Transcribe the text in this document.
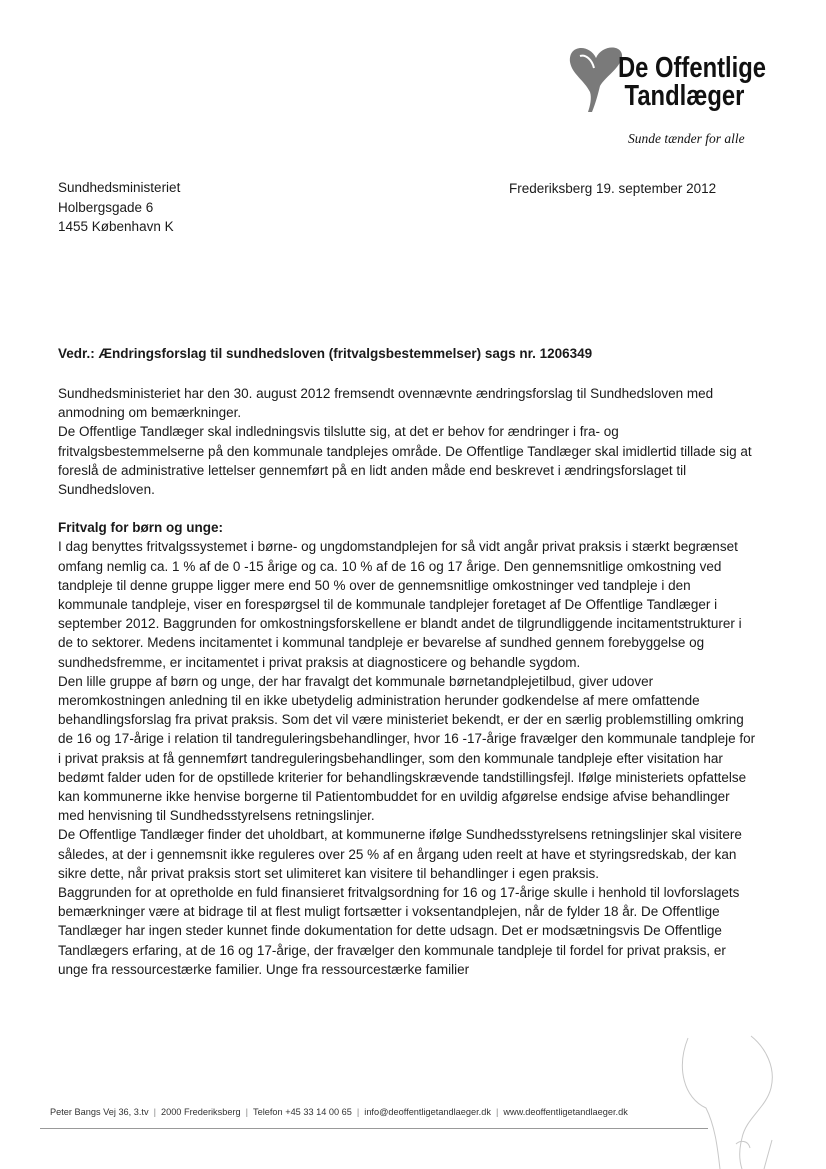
De Offentlige
Tandlæger
Sunde tænder for alle
Sundhedsministeriet
Holbergsgade 6
1455 København K
Frederiksberg 19. september 2012
Vedr.: Ændringsforslag til sundhedsloven (fritvalgsbestemmelser) sags nr. 1206349

Sundhedsministeriet har den 30. august 2012 fremsendt ovennævnte ændringsforslag til Sundhedsloven med anmodning om bemærkninger.

De Offentlige Tandlæger skal indledningsvis tilslutte sig, at det er behov for ændringer i fra- og fritvalgsbestemmelserne på den kommunale tandplejes område. De Offentlige Tandlæger skal imidlertid tillade sig at foreslå de administrative lettelser gennemført på en lidt anden måde end beskrevet i ændringsforslaget til Sundhedsloven.

Fritvalg for børn og unge:

I dag benyttes fritvalgssystemet i børne- og ungdomstandplejen for så vidt angår privat praksis i stærkt begrænset omfang nemlig ca. 1 % af de 0 -15 årige og ca. 10 % af de 16 og 17 årige. Den gennemsnitlige omkostning ved tandpleje til denne gruppe ligger mere end 50 % over de gennemsnitlige omkostninger ved tandpleje i den kommunale tandpleje, viser en forespørgsel til de kommunale tandplejer foretaget af De Offentlige Tandlæger i september 2012. Baggrunden for omkostningsforskellene er blandt andet de tilgrundliggende incitamentstrukturer i de to sektorer. Medens incitamentet i kommunal tandpleje er bevarelse af sundhed gennem forebyggelse og sundhedsfremme, er incitamentet i privat praksis at diagnosticere og behandle sygdom.

Den lille gruppe af børn og unge, der har fravalgt det kommunale børnetandplejetilbud, giver udover meromkostningen anledning til en ikke ubetydelig administration herunder godkendelse af mere omfattende behandlingsforslag fra privat praksis. Som det vil være ministeriet bekendt, er der en særlig problemstilling omkring de 16 og 17-årige i relation til tandreguleringsbehandlinger, hvor 16 -17-årige fravælger den kommunale tandpleje for i privat praksis at få gennemført tandreguleringsbehandlinger, som den kommunale tandpleje efter visitation har bedømt falder uden for de opstillede kriterier for behandlingskrævende tandstillingsfejl. Ifølge ministeriets opfattelse kan kommunerne ikke henvise borgerne til Patientombuddet for en uvildig afgørelse endsige afvise behandlinger med henvisning til Sundhedsstyrelsens retningslinjer.

De Offentlige Tandlæger finder det uholdbart, at kommunerne ifølge Sundhedsstyrelsens retningslinjer skal visitere således, at der i gennemsnit ikke reguleres over 25 % af en årgang uden reelt at have et styringsredskab, der kan sikre dette, når privat praksis stort set ulimiteret kan visitere til behandlinger i egen praksis.

Baggrunden for at opretholde en fuld finansieret fritvalgsordning for 16 og 17-årige skulle i henhold til lovforslagets bemærkninger være at bidrage til at flest muligt fortsætter i voksentandplejen, når de fylder 18 år. De Offentlige Tandlæger har ingen steder kunnet finde dokumentation for dette udsagn. Det er modsætningsvis De Offentlige Tandlægers erfaring, at de 16 og 17-årige, der fravælger den kommunale tandpleje til fordel for privat praksis, er unge fra ressourcestærke familier. Unge fra ressourcestærke familier

Peter Bangs Vej 36, 3.tv | 2000 Frederiksberg | Telefon +45 33 14 00 65 | info@deoffentligetandlaeger.dk | www.deoffentligetandlaeger.dk
